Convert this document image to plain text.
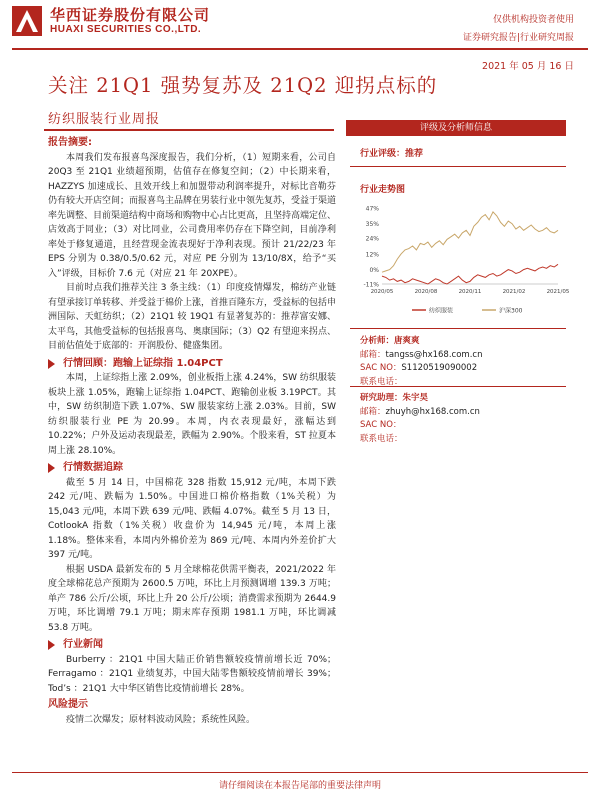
华西证券股份有限公司
HUAXI SECURITIES CO.,LTD.
仅供机构投资者使用
证券研究报告|行业研究周报
2021 年 05 月 16 日
关注 21Q1 强势复苏及 21Q2 迎拐点标的
纺织服装行业周报

报告摘要:

本周我们发布报喜鸟深度报告，我们分析，（1）短期来看，公司自 20Q3 至 21Q1 业绩超预期，估值存在修复空间；（2）中长期来看，HAZZYS 加速成长、且效开线上和加盟带动利润率提升，对标比音勒芬仍有较大开店空间；而报喜鸟主品牌在男装行业中领先复苏，受益于渠道率先调整、目前渠道结构中商场和购物中心占比更高，且坚持高端定位、店效高于同业；（3）对比同业，公司费用率仍存在下降空间，目前净利率处于修复通道，且经营现金流表现好于净利表现。预计 21/22/23 年 EPS 分别为 0.38/0.5/0.62 元，对应 PE 分别为 13/10/8X，给予“买入”评级，目标价 7.6 元（对应 21 年 20XPE）。

目前时点我们推荐关注 3 条主线：（1）印度疫情爆发，棉纺产业链有望承接订单转移、并受益于棉价上涨，首推百隆东方，受益标的包括申洲国际、天虹纺织；（2）21Q1 较 19Q1 有显著复苏的：推荐富安娜、太平鸟，其他受益标的包括报喜鸟、奥康国际；（3）Q2 有望迎来拐点、目前估值处于底部的：开润股份、健盛集团。

行情回顾：跑输上证综指 1.04PCT

本周，上证综指上涨 2.09%，创业板指上涨 4.24%，SW 纺织服装板块上涨 1.05%，跑输上证综指 1.04PCT、跑输创业板 3.19PCT。其中，SW 纺织制造下跌 1.07%、SW 服装家纺上涨 2.03%。目前，SW 纺织服装行业 PE 为 20.99。本周，内衣表现最好，涨幅达到 10.22%；户外及运动表现最差，跌幅为 2.90%。个股来看，ST 拉夏本周上涨 28.10%。

行情数据追踪

截至 5 月 14 日，中国棉花 328 指数 15,912 元/吨，本周下跌 242 元/吨、跌幅为 1.50%。中国进口棉价格指数（1%关税）为 15,043 元/吨，本周下跌 639 元/吨、跌幅 4.07%。截至 5 月 13 日，CotlookA 指数（1%关税）收盘价为 14,945 元/吨，本周上涨 1.18%。整体来看，本周内外棉价差为 869 元/吨、本周内外差价扩大 397 元/吨。

根据 USDA 最新发布的 5 月全球棉花供需平衡表，2021/2022 年度全球棉花总产预期为 2600.5 万吨，环比上月预测调增 139.3 万吨；单产 786 公斤/公顷，环比上升 20 公斤/公顷；消费需求预期为 2644.9 万吨，环比调增 79.1 万吨；期末库存预期 1981.1 万吨，环比调减 53.8 万吨。

行业新闻

Burberry ：21Q1 中国大陆正价销售额较疫情前增长近 70%；Ferragamo ：21Q1 业绩复苏，中国大陆零售额较疫情前增长 39%；Tod’s ：21Q1 大中华区销售比疫情前增长 28%。

风险提示

疫情二次爆发；原材料波动风险；系统性风险。

评级及分析师信息
行业评级：推荐
行业走势图
47%
35%
24%
12%
0%
-11%
2020/05	2020/08	2020/11	2021/02	2021/05
纺织服装	沪深300
分析师：唐爽爽
邮箱：tangss@hx168.com.cn
SAC NO：S1120519090002
联系电话：
研究助理：朱宇昊
邮箱：zhuyh@hx168.com.cn
SAC NO：
联系电话：
请仔细阅读在本报告尾部的重要法律声明
